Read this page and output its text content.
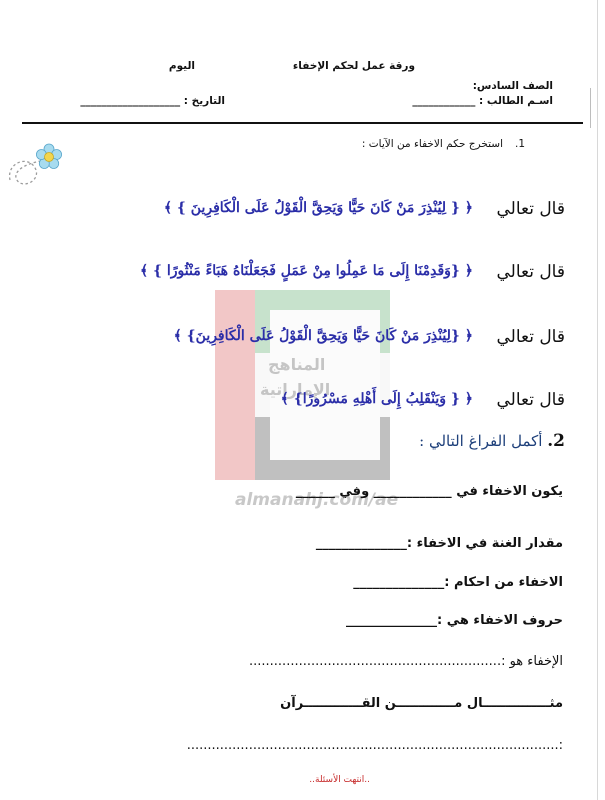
ورقة عمل لحكم الإخفاء
اليوم
الصف السادس:
اسـم الطالب : ____________
التاريخ : ___________________
المناهج
الإماراتية
almanahj.com/ae
1.
استخرج حكم الاخفاء من الآيات :
قال تعالي
﴿ { لِيُنْذِرَ مَنْ كَانَ حَيًّا وَيَحِقَّ الْقَوْلُ عَلَى الْكَافِرِينَ } ﴾
قال تعالي
﴿ {وَقَدِمْنَا إِلَى مَا عَمِلُوا مِنْ عَمَلٍ فَجَعَلْنَاهُ هَبَاءً مَنْثُورًا } ﴾
قال تعالي
﴿ {لِيُنْذِرَ مَنْ كَانَ حَيًّا وَيَحِقَّ الْقَوْلُ عَلَى الْكَافِرِينَ} ﴾
قال تعالي
﴿ { وَيَنْقَلِبُ إِلَى أَهْلِهِ مَسْرُورًا} ﴾
2. أكمل الفراغ التالي :
يكون الاخفاء في ____________ وفي ______
مقدار الغنة في الاخفاء :______________
الاخفاء من احكام :______________
حروف الاخفاء هي :______________
الإخفاء هو :.............................................................
مثـــــــــــــــال مـــــــــــــن القـــــــــــــرآن
:..........................................................................................
..انتهت الأسئلة..
